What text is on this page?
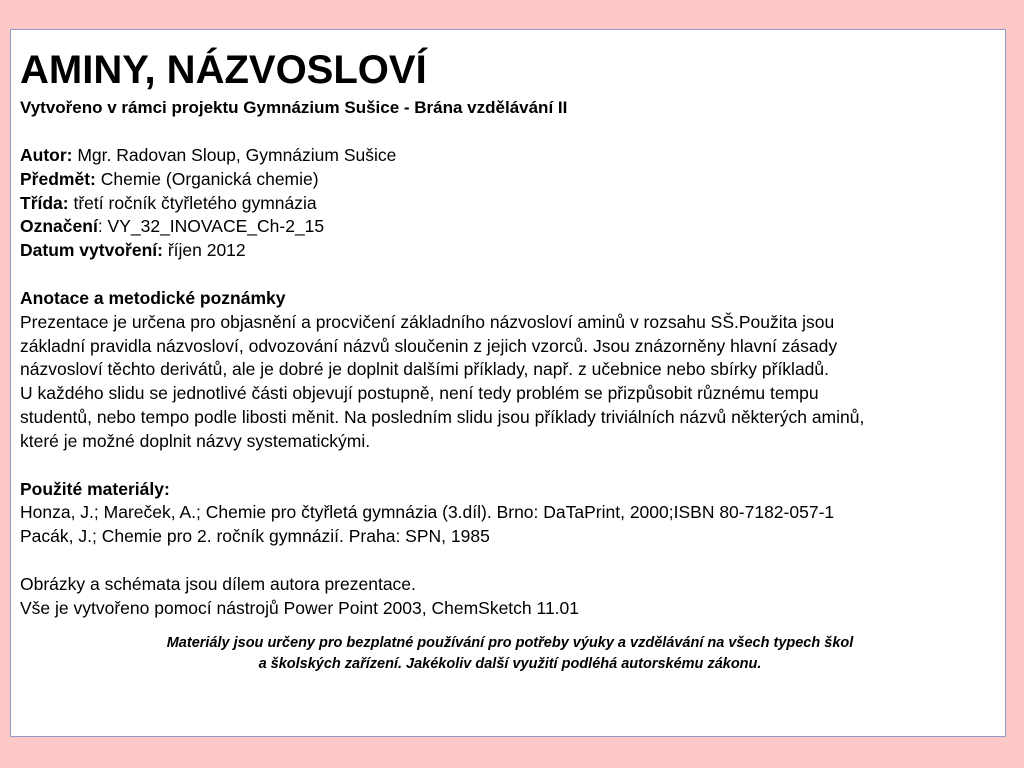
AMINY, NÁZVOSLOVÍ

Vytvořeno v rámci projektu Gymnázium Sušice - Brána vzdělávání II

Autor: Mgr. Radovan Sloup, Gymnázium Sušice
Předmět: Chemie (Organická chemie)
Třída: třetí ročník čtyřletého gymnázia
Označení: VY_32_INOVACE_Ch-2_15
Datum vytvoření: říjen 2012
Anotace a metodické poznámky
Prezentace je určena pro objasnění a procvičení základního názvosloví aminů v rozsahu SŠ.Použita jsou
základní pravidla názvosloví, odvozování názvů sloučenin z jejich vzorců. Jsou znázorněny hlavní zásady
názvosloví těchto derivátů, ale je dobré je doplnit dalšími příklady, např. z učebnice nebo sbírky příkladů.
U každého slidu se jednotlivé části objevují postupně, není tedy problém se přizpůsobit různému tempu
studentů, nebo tempo podle libosti měnit. Na posledním slidu jsou příklady triviálních názvů některých aminů,
které je možné doplnit názvy systematickými.
Použité materiály:
Honza, J.; Mareček, A.; Chemie pro čtyřletá gymnázia (3.díl). Brno: DaTaPrint, 2000;ISBN 80-7182-057-1
Pacák, J.; Chemie pro 2. ročník gymnázií. Praha: SPN, 1985
Obrázky a schémata jsou dílem autora prezentace.
Vše je vytvořeno pomocí nástrojů Power Point 2003, ChemSketch 11.01
Materiály jsou určeny pro bezplatné používání pro potřeby výuky a vzdělávání na všech typech škol
a školských zařízení. Jakékoliv další využití podléhá autorskému zákonu.
